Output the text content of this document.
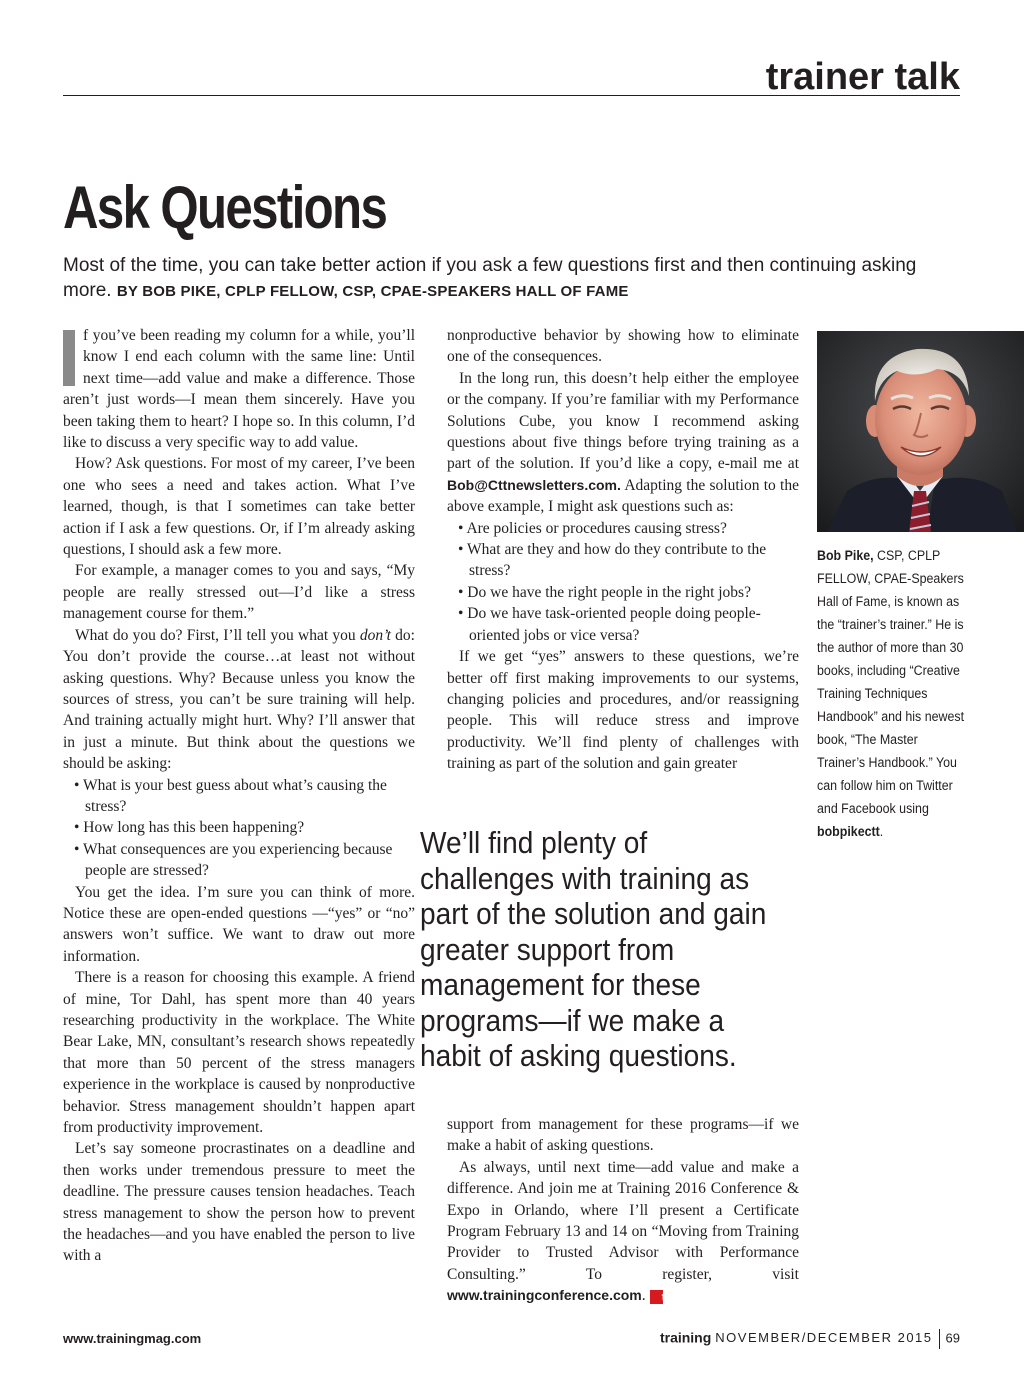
trainer talk
Ask Questions
Most of the time, you can take better action if you ask a few questions first and then continuing asking more. BY BOB PIKE, CPLP FELLOW, CSP, CPAE-SPEAKERS HALL OF FAME

f you’ve been reading my column for a while, you’ll know I end each column with the same line: Until next time—add value and make a difference. Those aren’t just words—I mean them sincerely. Have you been taking them to heart? I hope so. In this column, I’d like to discuss a very specific way to add value.

How? Ask questions. For most of my career, I’ve been one who sees a need and takes action. What I’ve learned, though, is that I sometimes can take better action if I ask a few questions. Or, if I’m already asking questions, I should ask a few more.

For example, a manager comes to you and says, “My people are really stressed out—I’d like a stress management course for them.”

What do you do? First, I’ll tell you what you don’t do: You don’t provide the course…at least not without asking questions. Why? Because unless you know the sources of stress, you can’t be sure training will help. And training actually might hurt. Why? I’ll answer that in just a minute. But think about the questions we should be asking:

• What is your best guess about what’s causing the stress?

• How long has this been happening?

• What consequences are you experiencing because people are stressed?

You get the idea. I’m sure you can think of more. Notice these are open-ended questions —“yes” or “no” answers won’t suffice. We want to draw out more information.

There is a reason for choosing this example. A friend of mine, Tor Dahl, has spent more than 40 years researching productivity in the workplace. The White Bear Lake, MN, consultant’s research shows repeatedly that more than 50 percent of the stress managers experience in the workplace is caused by nonproductive behavior. Stress management shouldn’t happen apart from productivity improvement.

Let’s say someone procrastinates on a deadline and then works under tremendous pressure to meet the deadline. The pressure causes tension headaches. Teach stress management to show the person how to prevent the headaches—and you have enabled the person to live with a

nonproductive behavior by showing how to eliminate one of the consequences.

In the long run, this doesn’t help either the employee or the company. If you’re familiar with my Performance Solutions Cube, you know I recommend asking questions about five things before trying training as a part of the solution. If you’d like a copy, e-mail me at Bob@Cttnewsletters.com. Adapting the solution to the above example, I might ask questions such as:

• Are policies or procedures causing stress?

• What are they and how do they contribute to the stress?

• Do we have the right people in the right jobs?

• Do we have task-oriented people doing people-oriented jobs or vice versa?

If we get “yes” answers to these questions, we’re better off first making improvements to our systems, changing policies and procedures, and/or reassigning people. This will reduce stress and improve productivity. We’ll find plenty of challenges with training as part of the solution and gain greater

We’ll find plenty of challenges with training as part of the solution and gain greater support from management for these programs—if we make a habit of asking questions.

support from management for these programs—if we make a habit of asking questions.

As always, until next time—add value and make a difference. And join me at Training 2016 Conference & Expo in Orlando, where I’ll present a Certificate Program February 13 and 14 on “Moving from Training Provider to Trusted Advisor with Performance Consulting.” To register, visit www.trainingconference.com. t

Bob Pike, CSP, CPLP FELLOW, CPAE-Speakers Hall of Fame, is known as the “trainer’s trainer.” He is the author of more than 30 books, including “Creative Training Techniques Handbook” and his newest book, “The Master Trainer’s Handbook.” You can follow him on Twitter and Facebook using bobpikectt.
www.trainingmag.com	training NOVEMBER/DECEMBER 2015 69
